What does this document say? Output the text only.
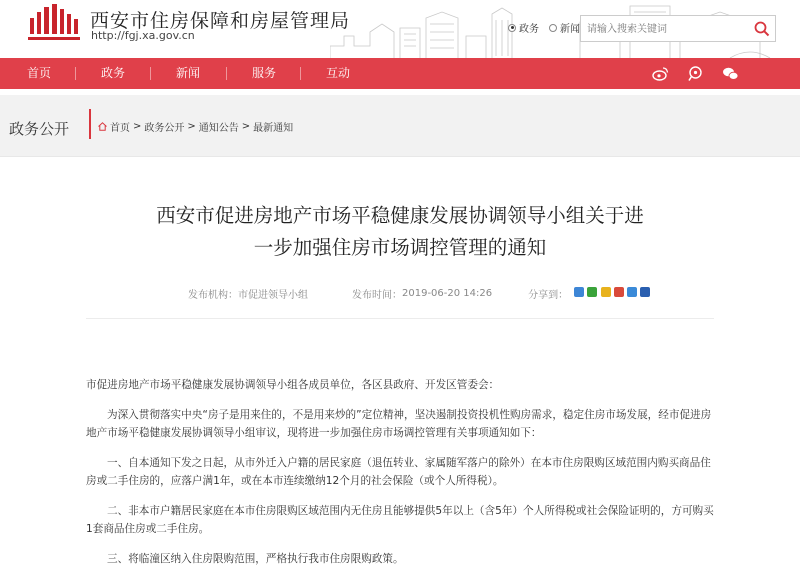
西安市住房保障和房屋管理局
http://fgj.xa.gov.cn	政务 新闻
请输入搜索关键词
首页	政务	新闻	服务	互动
政务公开	首页 > 政务公开 > 通知公告 > 最新通知
西安市促进房地产市场平稳健康发展协调领导小组关于进
一步加强住房市场调控管理的通知
发布机构： 市促进领导小组	发布时间： 2019-06-20 14:26	分享到：

市促进房地产市场平稳健康发展协调领导小组各成员单位，各区县政府、开发区管委会：

为深入贯彻落实中央“房子是用来住的，不是用来炒的”定位精神，坚决遏制投资投机性购房需求，稳定住房市场发展，经市促进房地产市场平稳健康发展协调领导小组审议，现将进一步加强住房市场调控管理有关事项通知如下：

一、自本通知下发之日起，从市外迁入户籍的居民家庭（退伍转业、家属随军落户的除外）在本市住房限购区域范围内购买商品住房或二手住房的，应落户满1年，或在本市连续缴纳12个月的社会保险（或个人所得税）。

二、非本市户籍居民家庭在本市住房限购区域范围内无住房且能够提供5年以上（含5年）个人所得税或社会保险证明的，方可购买1套商品住房或二手住房。

三、将临潼区纳入住房限购范围，严格执行我市住房限购政策。
